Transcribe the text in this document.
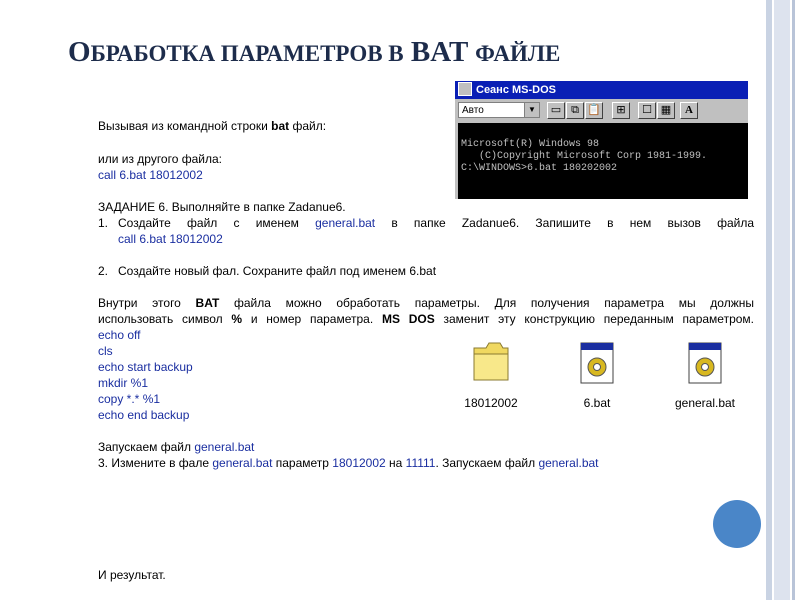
ОБРАБОТКА ПАРАМЕТРОВ В BAT ФАЙЛЕ
Сеанс MS-DOS
Авто	▼	▭ ⧉ 📋	⊞	☐ ▦	A
Microsoft(R) Windows 98
(C)Copyright Microsoft Corp 1981-1999.
C:\WINDOWS>6.bat 180202002
Вызывая из командной строки bat файл:
или из другого файла:
call 6.bat 18012002
ЗАДАНИЕ 6. Выполняйте в папке Zadanue6.
1. Создайте файл с именем general.bat в папке Zadanue6. Запишите в нем вызов файла
call 6.bat 18012002
2. Создайте новый фал. Сохраните файл под именем 6.bat
Внутри этого BAT файла можно обработать параметры. Для получения параметра мы должны
использовать символ % и номер параметра. MS DOS заменит эту конструкцию переданным параметром.
echo off
cls
echo start backup
mkdir %1
copy *.* %1
echo end backup
Запускаем файл general.bat
3. Измените в фале general.bat параметр 18012002 на 11111. Запускаем файл general.bat
И результат.
18012002	6.bat	general.bat
